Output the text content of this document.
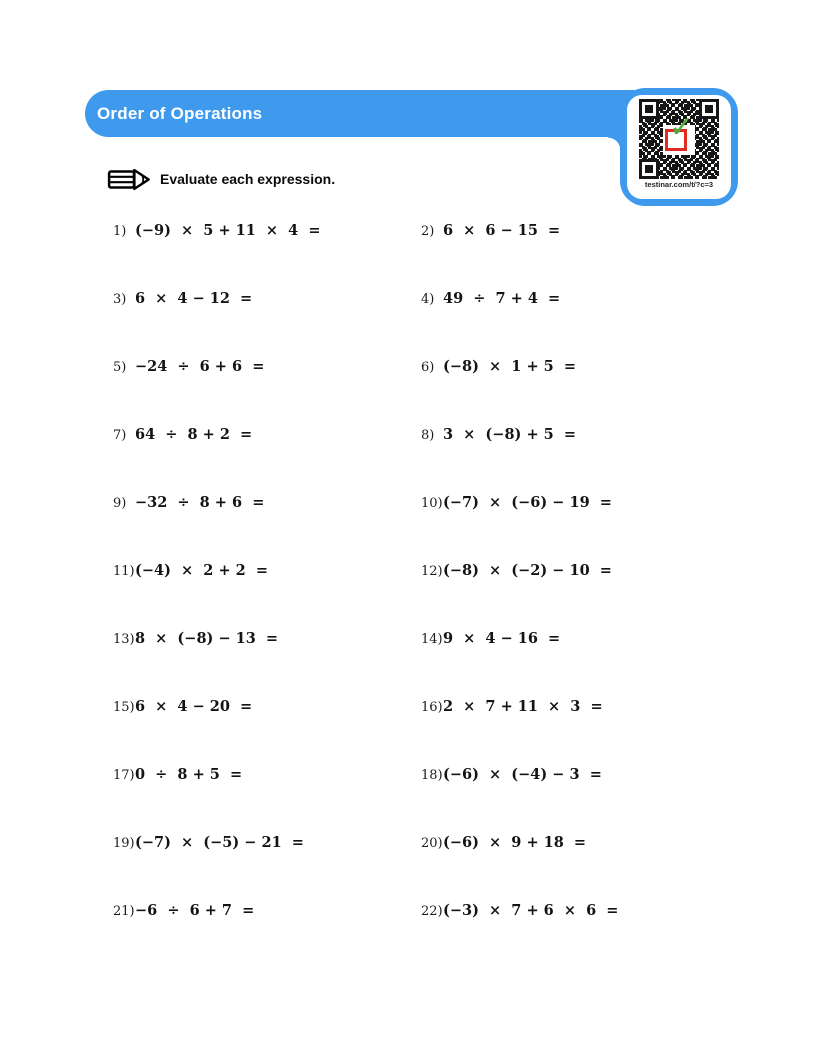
Order of Operations	✓
testinar.com/t/?c=3
Evaluate each expression.
1) (−9)  ×  5 + 11  ×  4  =	2) 6  ×  6 − 15  =
3) 6  ×  4 − 12  =	4) 49  ÷  7 + 4  =
5) −24  ÷  6 + 6  =	6) (−8)  ×  1 + 5  =
7) 64  ÷  8 + 2  =	8) 3  ×  (−8) + 5  =
9) −32  ÷  8 + 6  =	10) (−7)  ×  (−6) − 19  =
11) (−4)  ×  2 + 2  =	12) (−8)  ×  (−2) − 10  =
13) 8  ×  (−8) − 13  =	14) 9  ×  4 − 16  =
15) 6  ×  4 − 20  =	16) 2  ×  7 + 11  ×  3  =
17) 0  ÷  8 + 5  =	18) (−6)  ×  (−4) − 3  =
19) (−7)  ×  (−5) − 21  =	20) (−6)  ×  9 + 18  =
21) −6  ÷  6 + 7  =	22) (−3)  ×  7 + 6  ×  6  =
